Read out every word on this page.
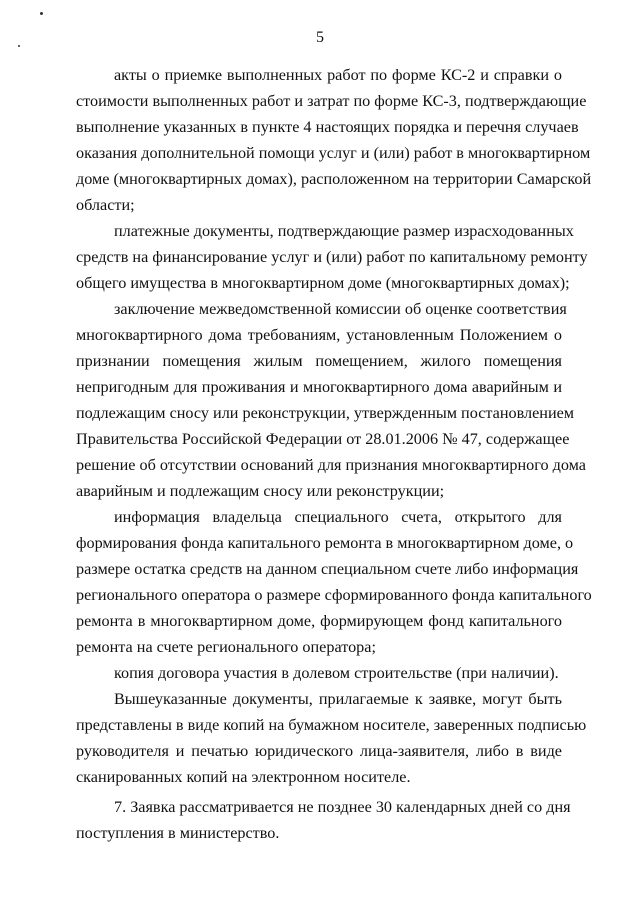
5
акты о приемке выполненных работ по форме КС-2 и справки о
стоимости выполненных работ и затрат по форме КС-3, подтверждающие
выполнение указанных в пункте 4 настоящих порядка и перечня случаев
оказания дополнительной помощи услуг и (или) работ в многоквартирном
доме (многоквартирных домах), расположенном на территории Самарской
области;
платежные документы, подтверждающие размер израсходованных
средств на финансирование услуг и (или) работ по капитальному ремонту
общего имущества в многоквартирном доме (многоквартирных домах);
заключение межведомственной комиссии об оценке соответствия
многоквартирного дома требованиям, установленным Положением о
признании помещения жилым помещением, жилого помещения
непригодным для проживания и многоквартирного дома аварийным и
подлежащим сносу или реконструкции, утвержденным постановлением
Правительства Российской Федерации от 28.01.2006 № 47, содержащее
решение об отсутствии оснований для признания многоквартирного дома
аварийным и подлежащим сносу или реконструкции;
информация владельца специального счета, открытого для
формирования фонда капитального ремонта в многоквартирном доме, о
размере остатка средств на данном специальном счете либо информация
регионального оператора о размере сформированного фонда капитального
ремонта в многоквартирном доме, формирующем фонд капитального
ремонта на счете регионального оператора;
копия договора участия в долевом строительстве (при наличии).
Вышеуказанные документы, прилагаемые к заявке, могут быть
представлены в виде копий на бумажном носителе, заверенных подписью
руководителя и печатью юридического лица-заявителя, либо в виде
сканированных копий на электронном носителе.
7. Заявка рассматривается не позднее 30 календарных дней со дня
поступления в министерство.
